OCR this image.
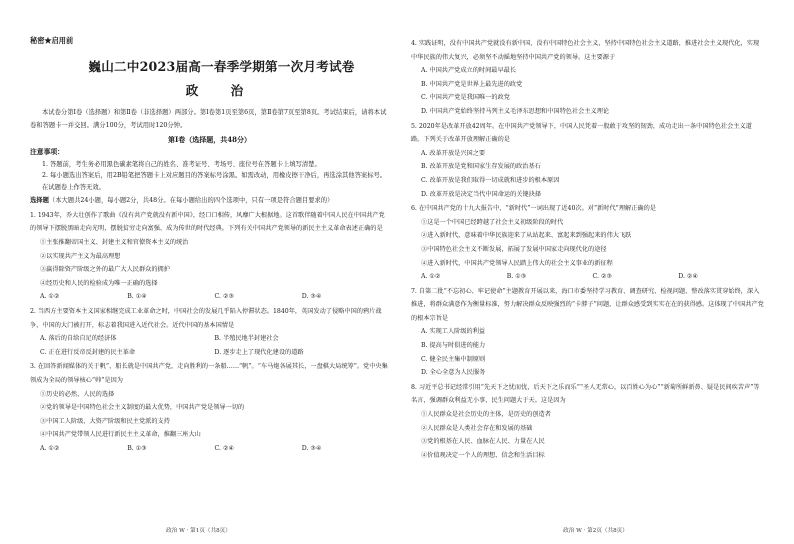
秘密★启用前
巍山二中2023届高一春季学期第一次月考试卷
政 治
本试卷分第Ⅰ卷（选择题）和第Ⅱ卷（非选择题）两部分。第Ⅰ卷第1页至第6页，第Ⅱ卷第7页至第8页。考试结束后，请将本试卷和答题卡一并交回。满分100分，考试用时120分钟。
第Ⅰ卷（选择题，共48分）
注意事项：
1. 答题前，考生务必用黑色碳素笔将自己的姓名、准考证号、考场号、座位号在答题卡上填写清楚。
2. 每小题选出答案后，用2B铅笔把答题卡上对应题目的答案标号涂黑。如需改动，用橡皮擦干净后，再选涂其他答案标号。在试题卷上作答无效。
选择题（本大题共24小题，每小题2分，共48分。在每小题给出的四个选项中，只有一项是符合题目要求的）
1. 1943年，乔大壮创作了歌曲《没有共产党就没有新中国》，经口口相传，风靡广大根据地。这首歌伴随着中国人民在中国共产党的领导下摆脱黑暗走向光明，摆脱贫穷走向富强、成为传世的时代经典。下列有关中国共产党领导的新民主主义革命表述正确的是
①主张推翻帝国主义、封建主义和官僚资本主义的统治
②以实现共产主义为最高理想
③赢得除资产阶级之外的最广大人民群众的拥护
④经历史和人民的检验成为唯一正确的选择
A. ①②	B. ①④	C. ②③	D. ③④
2. 当西方主要资本主义国家相继完成工业革命之时，中国社会的发展几乎陷入停滞状态。1840年，英国发动了侵略中国的鸦片战争，中国的大门被打开，标志着我国进入近代社会。近代中国的基本国情是
A. 落后的自给自足的经济体	B. 半殖民地半封建社会
C. 正在进行反帝反封建的民主革命	D. 逐步走上了现代化建设的道路
3. 在回答新闻媒体的关于帆”，船长就是中国共产党，走向胜利的一条船……“帆”。“车马炮各展其长，一盘棋大局统筹”。党中央集领成为全局的领导核心“帅”是因为
①历史的必然、人民的选择
②党的领导是中国特色社会主义制度的最大优势，中国共产党是领导一切的
③中国工人阶级、大资产阶级和民主党派的支持
④中国共产党带领人民进行新民主主义革命，推翻三座大山
A. ①②	B. ①③	C. ②④	D. ③④
政治 W · 第1页（共8页）
4. 实践证明，没有中国共产党就没有新中国，没有中国特色社会主义，坚持中国特色社会主义道路，推进社会主义现代化，实现中华民族的伟大复兴，必须坚不动摇地坚持中国共产党的领导。这主要源于
A. 中国共产党成立的时间最早最长
B. 中国共产党是世界上最先进的政党
C. 中国共产党是我国唯一的政党
D. 中国共产党始终坚持马列主义毛泽东思想和中国特色社会主义理论
5. 2020年是改革开放42周年。在中国共产党领导下，中国人民凭着一股敢于攻坚的韧劲，成功走出一条中国特色社会主义道路。下列关于改革开放理解正确的是
A. 改革开放是兴国之要
B. 改革开放是党和国家生存发展的政治基石
C. 改革开放是我们取得一切成就和进步的根本原因
D. 改革开放是决定当代中国命运的关键抉择
6. 在中国共产党的十九大报告中，“新时代”一词出现了近40次。对“新时代”理解正确的是
①这是一个中国已经跨越了社会主义初级阶段的时代
②进入新时代，意味着中华民族迎来了从站起来、富起来到强起来的伟大飞跃
③中国特色社会主义不断发展，拓展了发展中国家走向现代化的途径
④进入新时代，中国共产党领导人民踏上伟大的社会主义事业的新征程
A. ①②	B. ①③	C. ②③	D. ②④
7. 自第二批“不忘初心、牢记使命”主题教育开展以来，海口市委坚持学习教育、调查研究、检视问题、整改落实贯穿始终，深入推进，将群众满意作为衡量标准，努力解决群众反映强烈的“卡脖子”问题，让群众感受到实实在在的获得感。这体现了中国共产党的根本宗旨是
A. 实现工人阶级的利益
B. 提高与时俱进的能力
C. 健全民主集中制原则
D. 全心全意为人民服务
8. 习近平总书记经常引用“先天下之忧而忧，后天下之乐而乐”“圣人无常心，以百姓心为心”“新菊所鲜新鼻、疑是民间疾苦声”等名言，强调群众利益无小事，民生问题大于天。这是因为
①人民群众是社会历史的主体，是历史的创造者
②人民群众是人类社会存在和发展的基础
③党的根基在人民、血脉在人民、力量在人民
④价值观决定一个人的理想、信念和生活目标
政治 W · 第2页（共8页）
